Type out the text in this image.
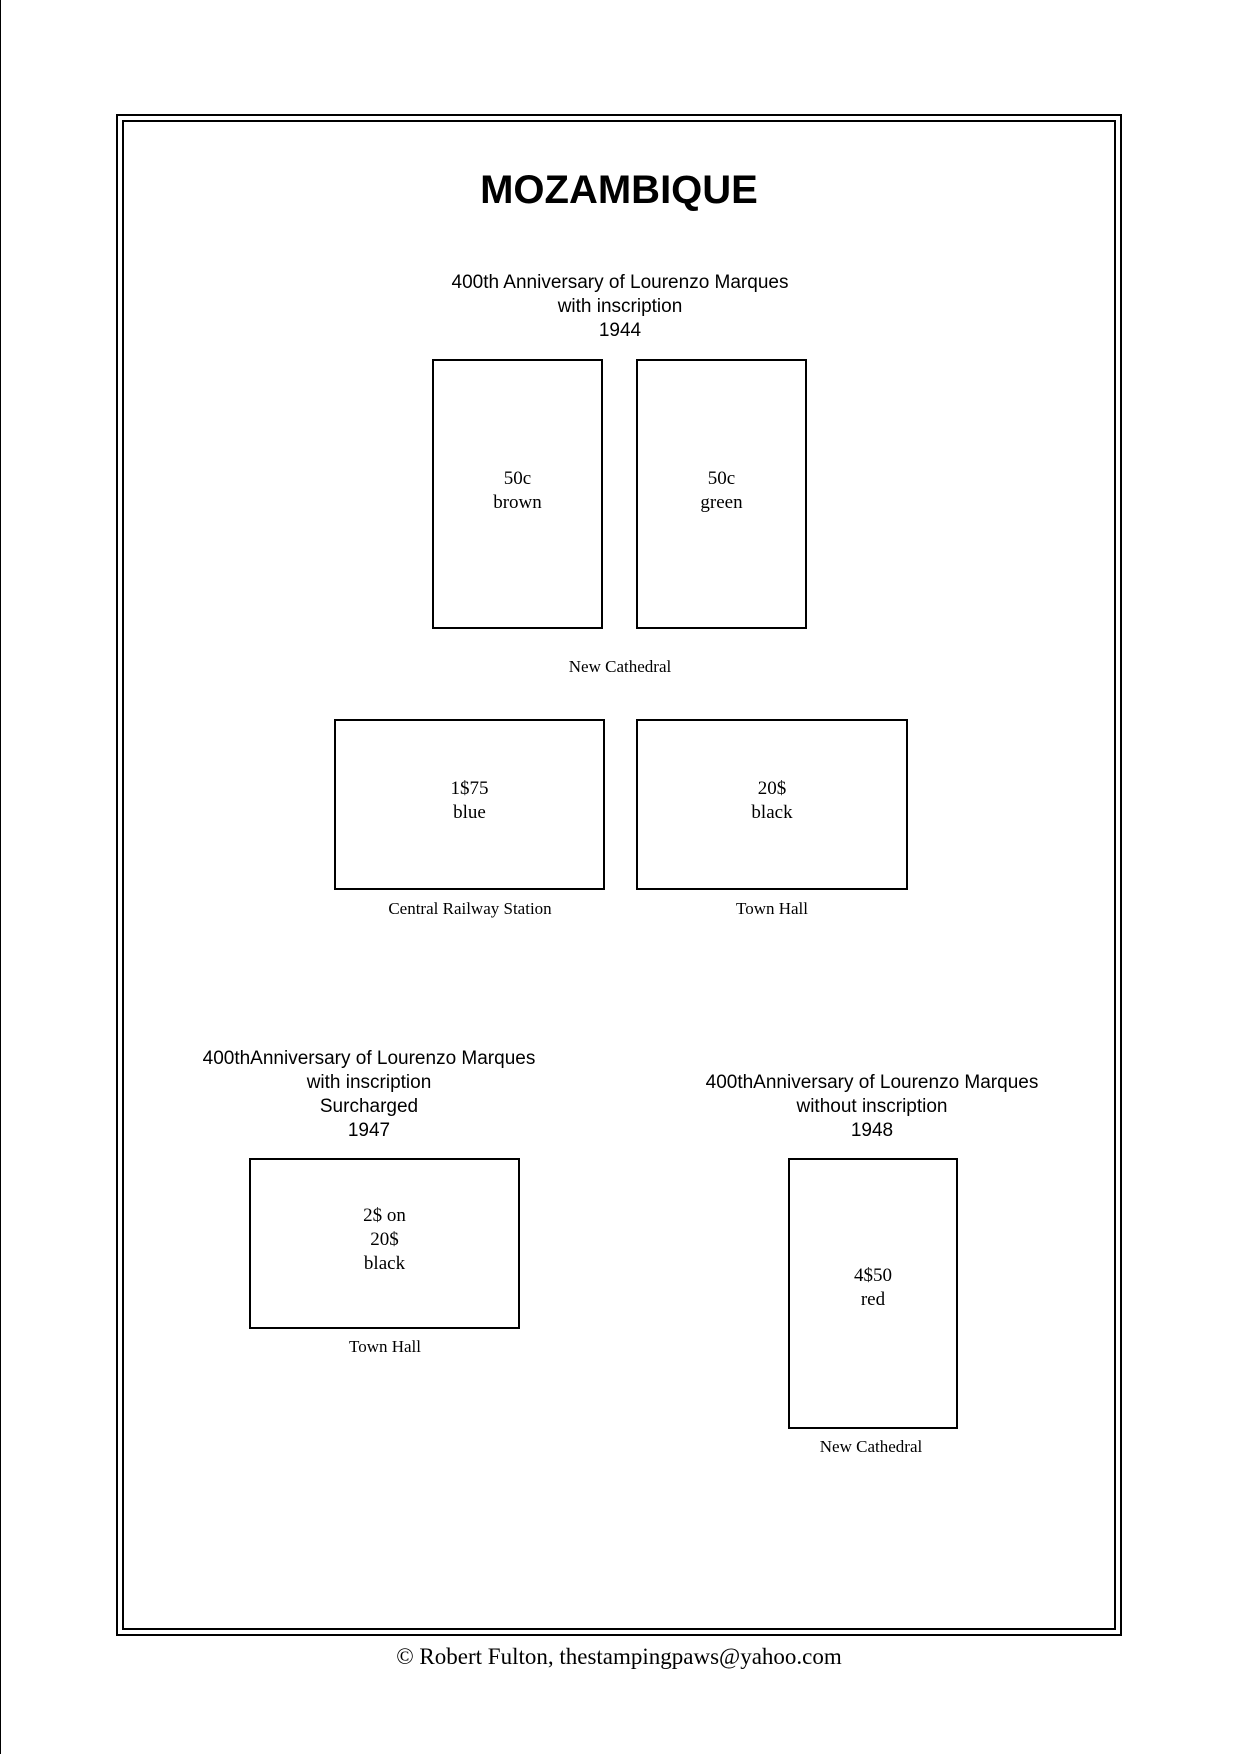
MOZAMBIQUE
400th Anniversary of Lourenzo Marques
with inscription
1944
50c
brown
50c
green
New Cathedral
1$75
blue
20$
black
Central Railway Station	Town Hall
400thAnniversary of Lourenzo Marques
with inscription
Surcharged
1947
2$ on
20$
black
Town Hall
400thAnniversary of Lourenzo Marques
without inscription
1948
4$50
red
New Cathedral
© Robert Fulton, thestampingpaws@yahoo.com
